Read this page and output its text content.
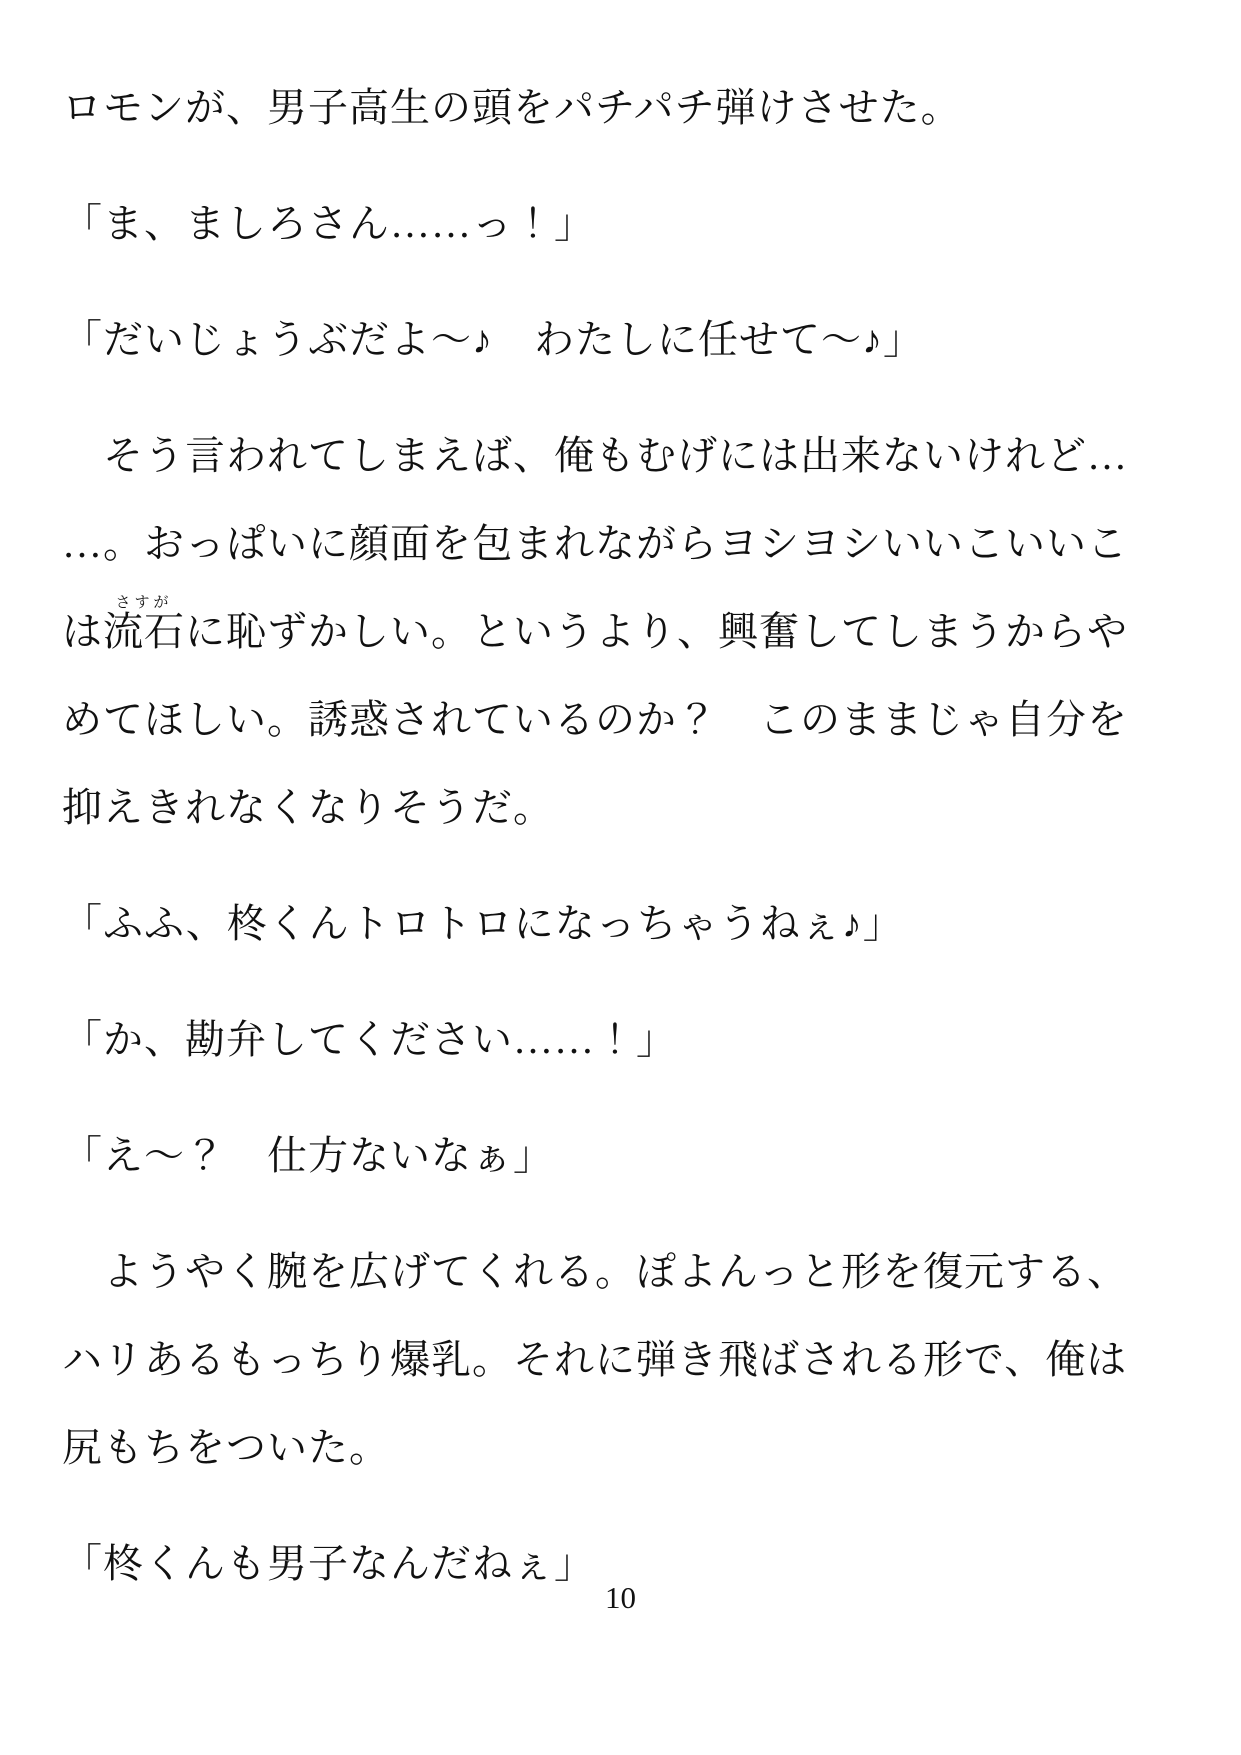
ロモンが、男子高生の頭をパチパチ弾けさせた。

「ま、ましろさん……っ！」

「だいじょうぶだよ～♪　わたしに任せて～♪」

　そう言われてしまえば、俺もむげには出来ないけれど…
…。おっぱいに顔面を包まれながらヨシヨシいいこいいこ
は流石さすがに恥ずかしい。というより、興奮してしまうからや
めてほしい。誘惑されているのか？　このままじゃ自分を
抑えきれなくなりそうだ。

「ふふ、柊くんトロトロになっちゃうねぇ♪」

「か、勘弁してください……！」

「え～？　仕方ないなぁ」

　ようやく腕を広げてくれる。ぽよんっと形を復元する、
ハリあるもっちり爆乳。それに弾き飛ばされる形で、俺は
尻もちをついた。

「柊くんも男子なんだねぇ」

10
